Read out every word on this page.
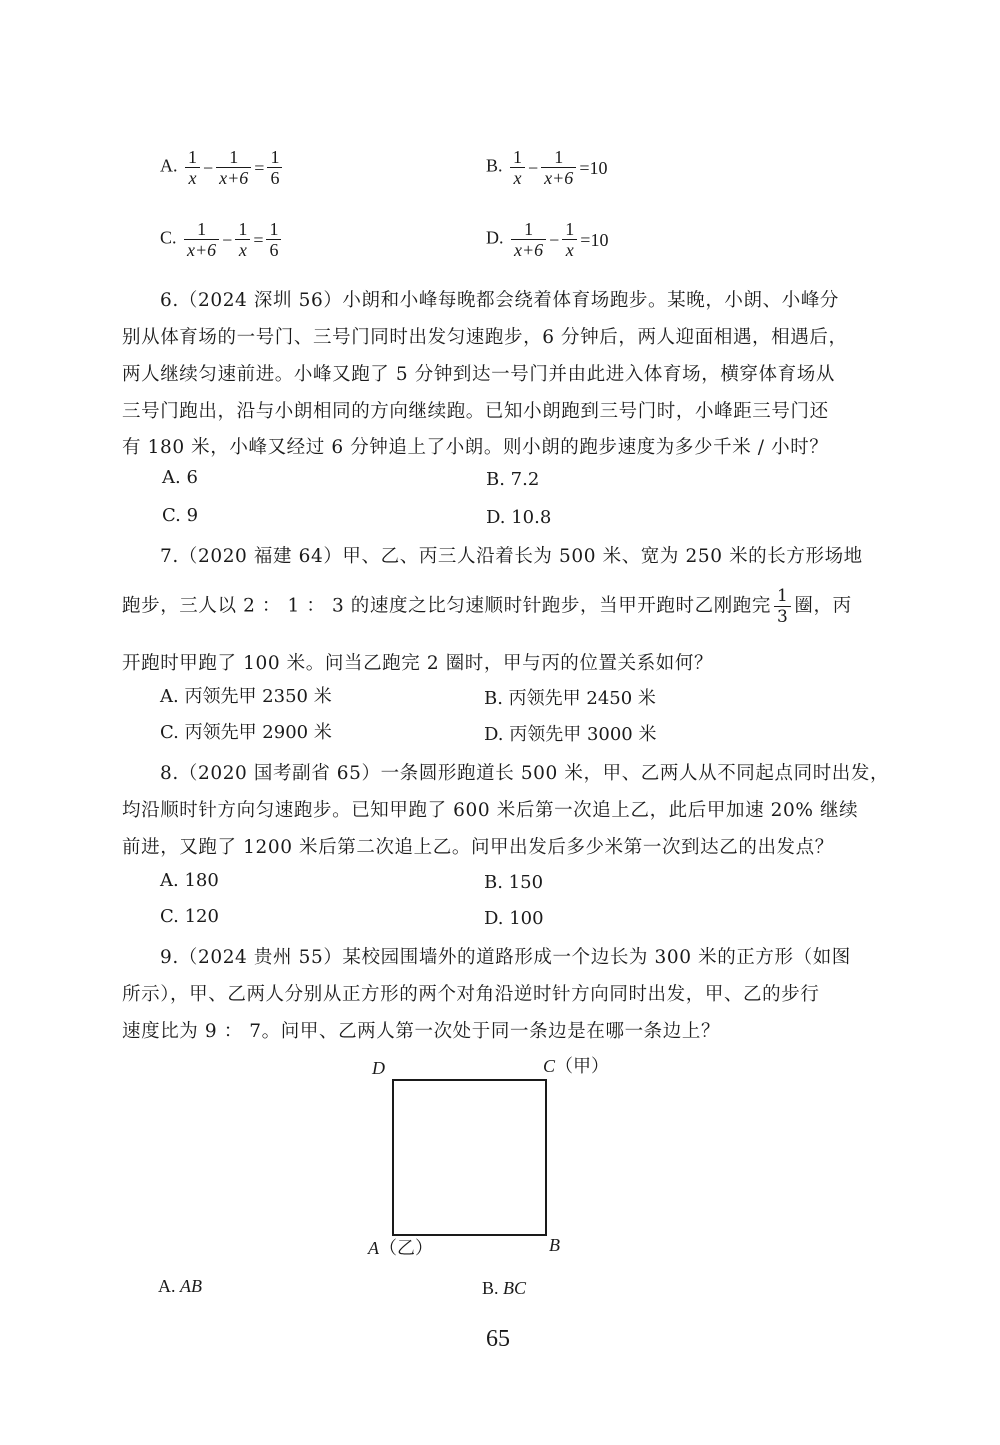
A. $\frac{1}{x} - \frac{1}{x+6} = \frac{1}{6}$	B. $\frac{1}{x} - \frac{1}{x+6} =10$
C. $\frac{1}{x+6} - \frac{1}{x} = \frac{1}{6}$	D. $\frac{1}{x+6} - \frac{1}{x} =10$
6.（2024 深圳 56）小朗和小峰每晚都会绕着体育场跑步。某晚，小朗、小峰分
别从体育场的一号门、三号门同时出发匀速跑步，6 分钟后，两人迎面相遇，相遇后，
两人继续匀速前进。小峰又跑了 5 分钟到达一号门并由此进入体育场，横穿体育场从
三号门跑出，沿与小朗相同的方向继续跑。已知小朗跑到三号门时，小峰距三号门还
有 180 米，小峰又经过 6 分钟追上了小朗。则小朗的跑步速度为多少千米 / 小时？
A. 6	B. 7.2
C. 9	D. 10.8
7.（2020 福建 64）甲、乙、丙三人沿着长为 500 米、宽为 250 米的长方形场地
跑步，三人以 2 ： 1 ： 3 的速度之比匀速顺时针跑步，当甲开跑时乙刚跑完 $\frac{1}{3}$ 圈，丙
开跑时甲跑了 100 米。问当乙跑完 2 圈时，甲与丙的位置关系如何？
A. 丙领先甲 2350 米	B. 丙领先甲 2450 米
C. 丙领先甲 2900 米	D. 丙领先甲 3000 米
8.（2020 国考副省 65）一条圆形跑道长 500 米，甲、乙两人从不同起点同时出发，
均沿顺时针方向匀速跑步。已知甲跑了 600 米后第一次追上乙，此后甲加速 20% 继续
前进，又跑了 1200 米后第二次追上乙。问甲出发后多少米第一次到达乙的出发点？
A. 180	B. 150
C. 120	D. 100
9.（2024 贵州 55）某校园围墙外的道路形成一个边长为 300 米的正方形（如图
所示），甲、乙两人分别从正方形的两个对角沿逆时针方向同时出发，甲、乙的步行
速度比为 9 ： 7。问甲、乙两人第一次处于同一条边是在哪一条边上？
D	C（甲）
A（乙）	B
A. AB	B. BC
65
